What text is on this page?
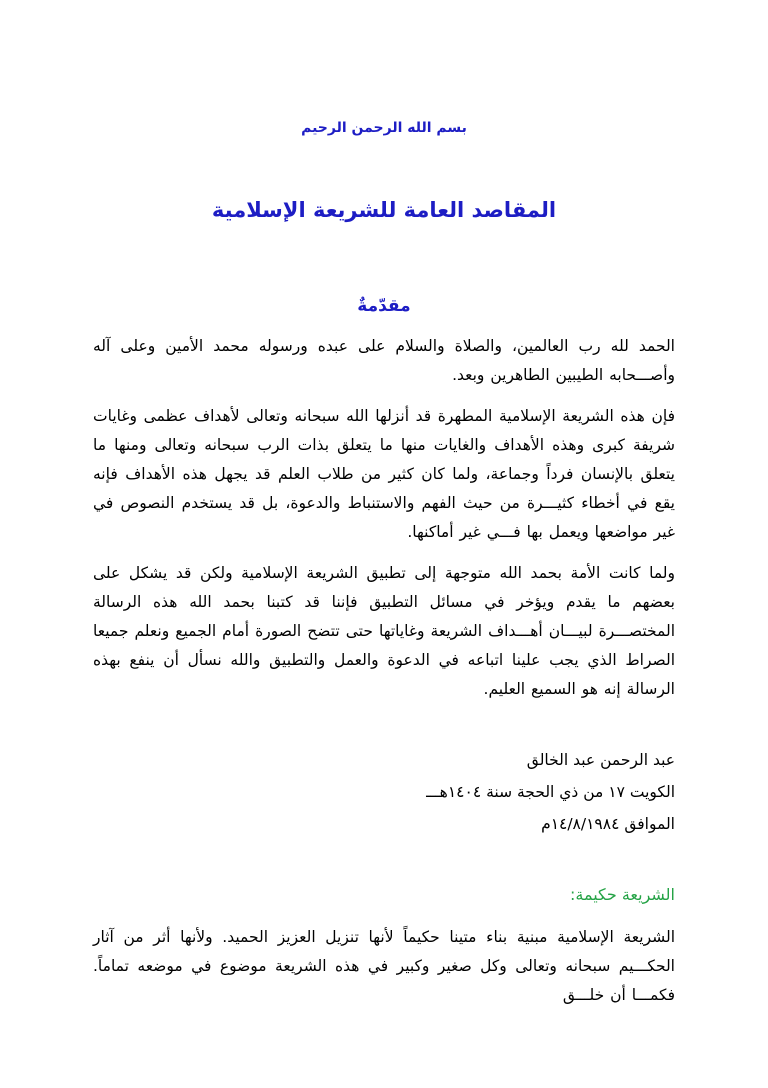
بسم الله الرحمن الرحيم
المقاصد العامة للشريعة الإسلامية
مقدّمةٌ

الحمد لله رب العالمين، والصلاة والسلام على عبده ورسوله محمد الأمين وعلى آله وأصـــحابه الطيبين الطاهرين وبعد.

فإن هذه الشريعة الإسلامية المطهرة قد أنزلها الله سبحانه وتعالى لأهداف عظمى وغايات شريفة كبرى وهذه الأهداف والغايات منها ما يتعلق بذات الرب سبحانه وتعالى ومنها ما يتعلق بالإنسان فرداً وجماعة، ولما كان كثير من طلاب العلم قد يجهل هذه الأهداف فإنه يقع في أخطاء كثيـــرة من حيث الفهم والاستنباط والدعوة، بل قد يستخدم النصوص في غير مواضعها ويعمل بها فـــي غير أماكنها.

ولما كانت الأمة بحمد الله متوجهة إلى تطبيق الشريعة الإسلامية ولكن قد يشكل على بعضهم ما يقدم ويؤخر في مسائل التطبيق فإننا قد كتبنا بحمد الله هذه الرسالة المختصـــرة لبيـــان أهـــداف الشريعة وغاياتها حتى تتضح الصورة أمام الجميع ونعلم جميعا الصراط الذي يجب علينا اتباعه في الدعوة والعمل والتطبيق والله نسأل أن ينفع بهذه الرسالة إنه هو السميع العليم.

عبد الرحمن عبد الخالق
الكويت ١٧ من ذي الحجة سنة ١٤٠٤هـــ
الموافق ١٤/٨/١٩٨٤م
الشريعة حكيمة:

الشريعة الإسلامية مبنية بناء متينا حكيماً لأنها تنزيل العزيز الحميد. ولأنها أثر من آثار الحكـــيم سبحانه وتعالى وكل صغير وكبير في هذه الشريعة موضوع في موضعه تماماً. فكمـــا أن خلـــق
